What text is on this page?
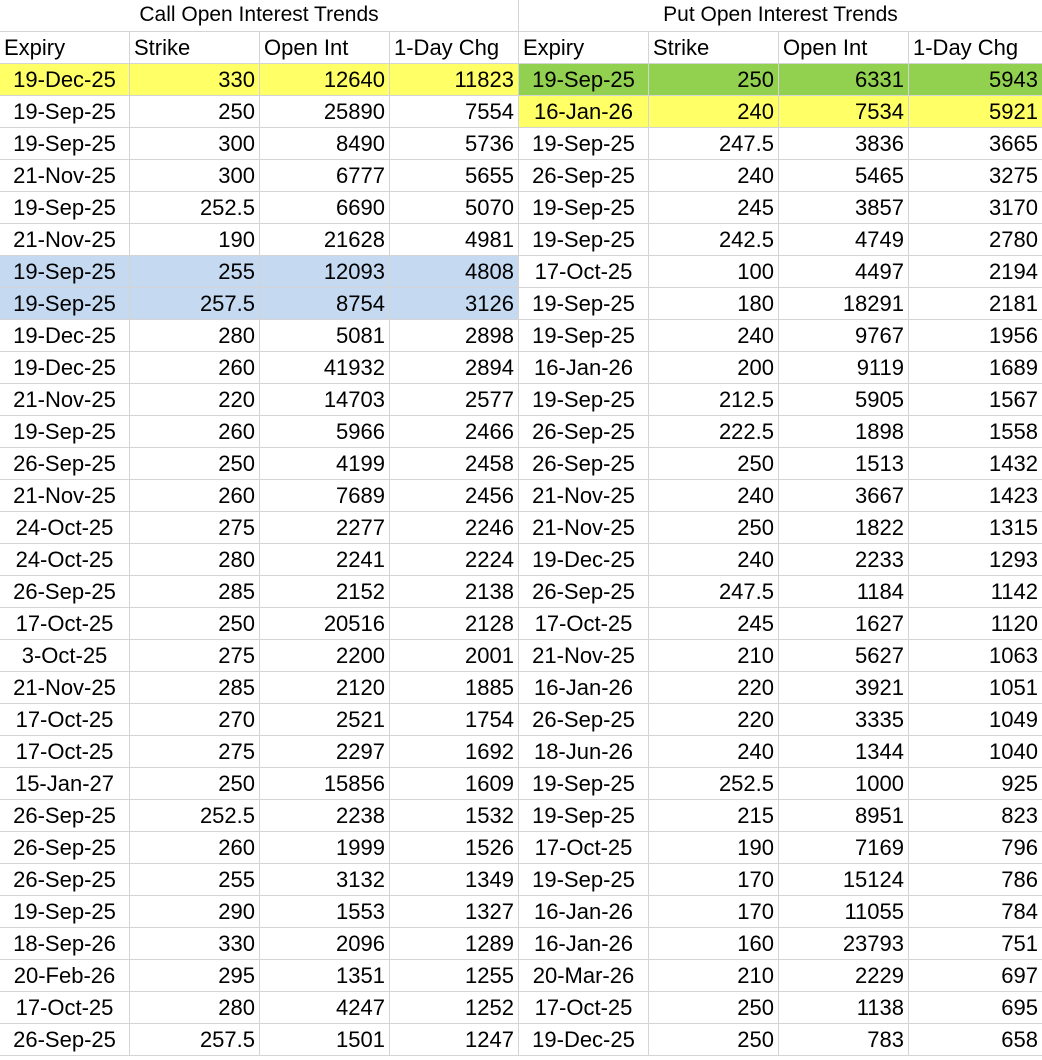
Call Open Interest Trends	Put Open Interest Trends
Expiry	Strike	Open Int	1-Day Chg
19-Dec-25	330	12640	11823
19-Sep-25	250	25890	7554
19-Sep-25	300	8490	5736
21-Nov-25	300	6777	5655
19-Sep-25	252.5	6690	5070
21-Nov-25	190	21628	4981
19-Sep-25	255	12093	4808
19-Sep-25	257.5	8754	3126
19-Dec-25	280	5081	2898
19-Dec-25	260	41932	2894
21-Nov-25	220	14703	2577
19-Sep-25	260	5966	2466
26-Sep-25	250	4199	2458
21-Nov-25	260	7689	2456
24-Oct-25	275	2277	2246
24-Oct-25	280	2241	2224
26-Sep-25	285	2152	2138
17-Oct-25	250	20516	2128
3-Oct-25	275	2200	2001
21-Nov-25	285	2120	1885
17-Oct-25	270	2521	1754
17-Oct-25	275	2297	1692
15-Jan-27	250	15856	1609
26-Sep-25	252.5	2238	1532
26-Sep-25	260	1999	1526
26-Sep-25	255	3132	1349
19-Sep-25	290	1553	1327
18-Sep-26	330	2096	1289
20-Feb-26	295	1351	1255
17-Oct-25	280	4247	1252
26-Sep-25	257.5	1501	1247
Expiry	Strike	Open Int	1-Day Chg
19-Sep-25	250	6331	5943
16-Jan-26	240	7534	5921
19-Sep-25	247.5	3836	3665
26-Sep-25	240	5465	3275
19-Sep-25	245	3857	3170
19-Sep-25	242.5	4749	2780
17-Oct-25	100	4497	2194
19-Sep-25	180	18291	2181
19-Sep-25	240	9767	1956
16-Jan-26	200	9119	1689
19-Sep-25	212.5	5905	1567
26-Sep-25	222.5	1898	1558
26-Sep-25	250	1513	1432
21-Nov-25	240	3667	1423
21-Nov-25	250	1822	1315
19-Dec-25	240	2233	1293
26-Sep-25	247.5	1184	1142
17-Oct-25	245	1627	1120
21-Nov-25	210	5627	1063
16-Jan-26	220	3921	1051
26-Sep-25	220	3335	1049
18-Jun-26	240	1344	1040
19-Sep-25	252.5	1000	925
19-Sep-25	215	8951	823
17-Oct-25	190	7169	796
19-Sep-25	170	15124	786
16-Jan-26	170	11055	784
16-Jan-26	160	23793	751
20-Mar-26	210	2229	697
17-Oct-25	250	1138	695
19-Dec-25	250	783	658
